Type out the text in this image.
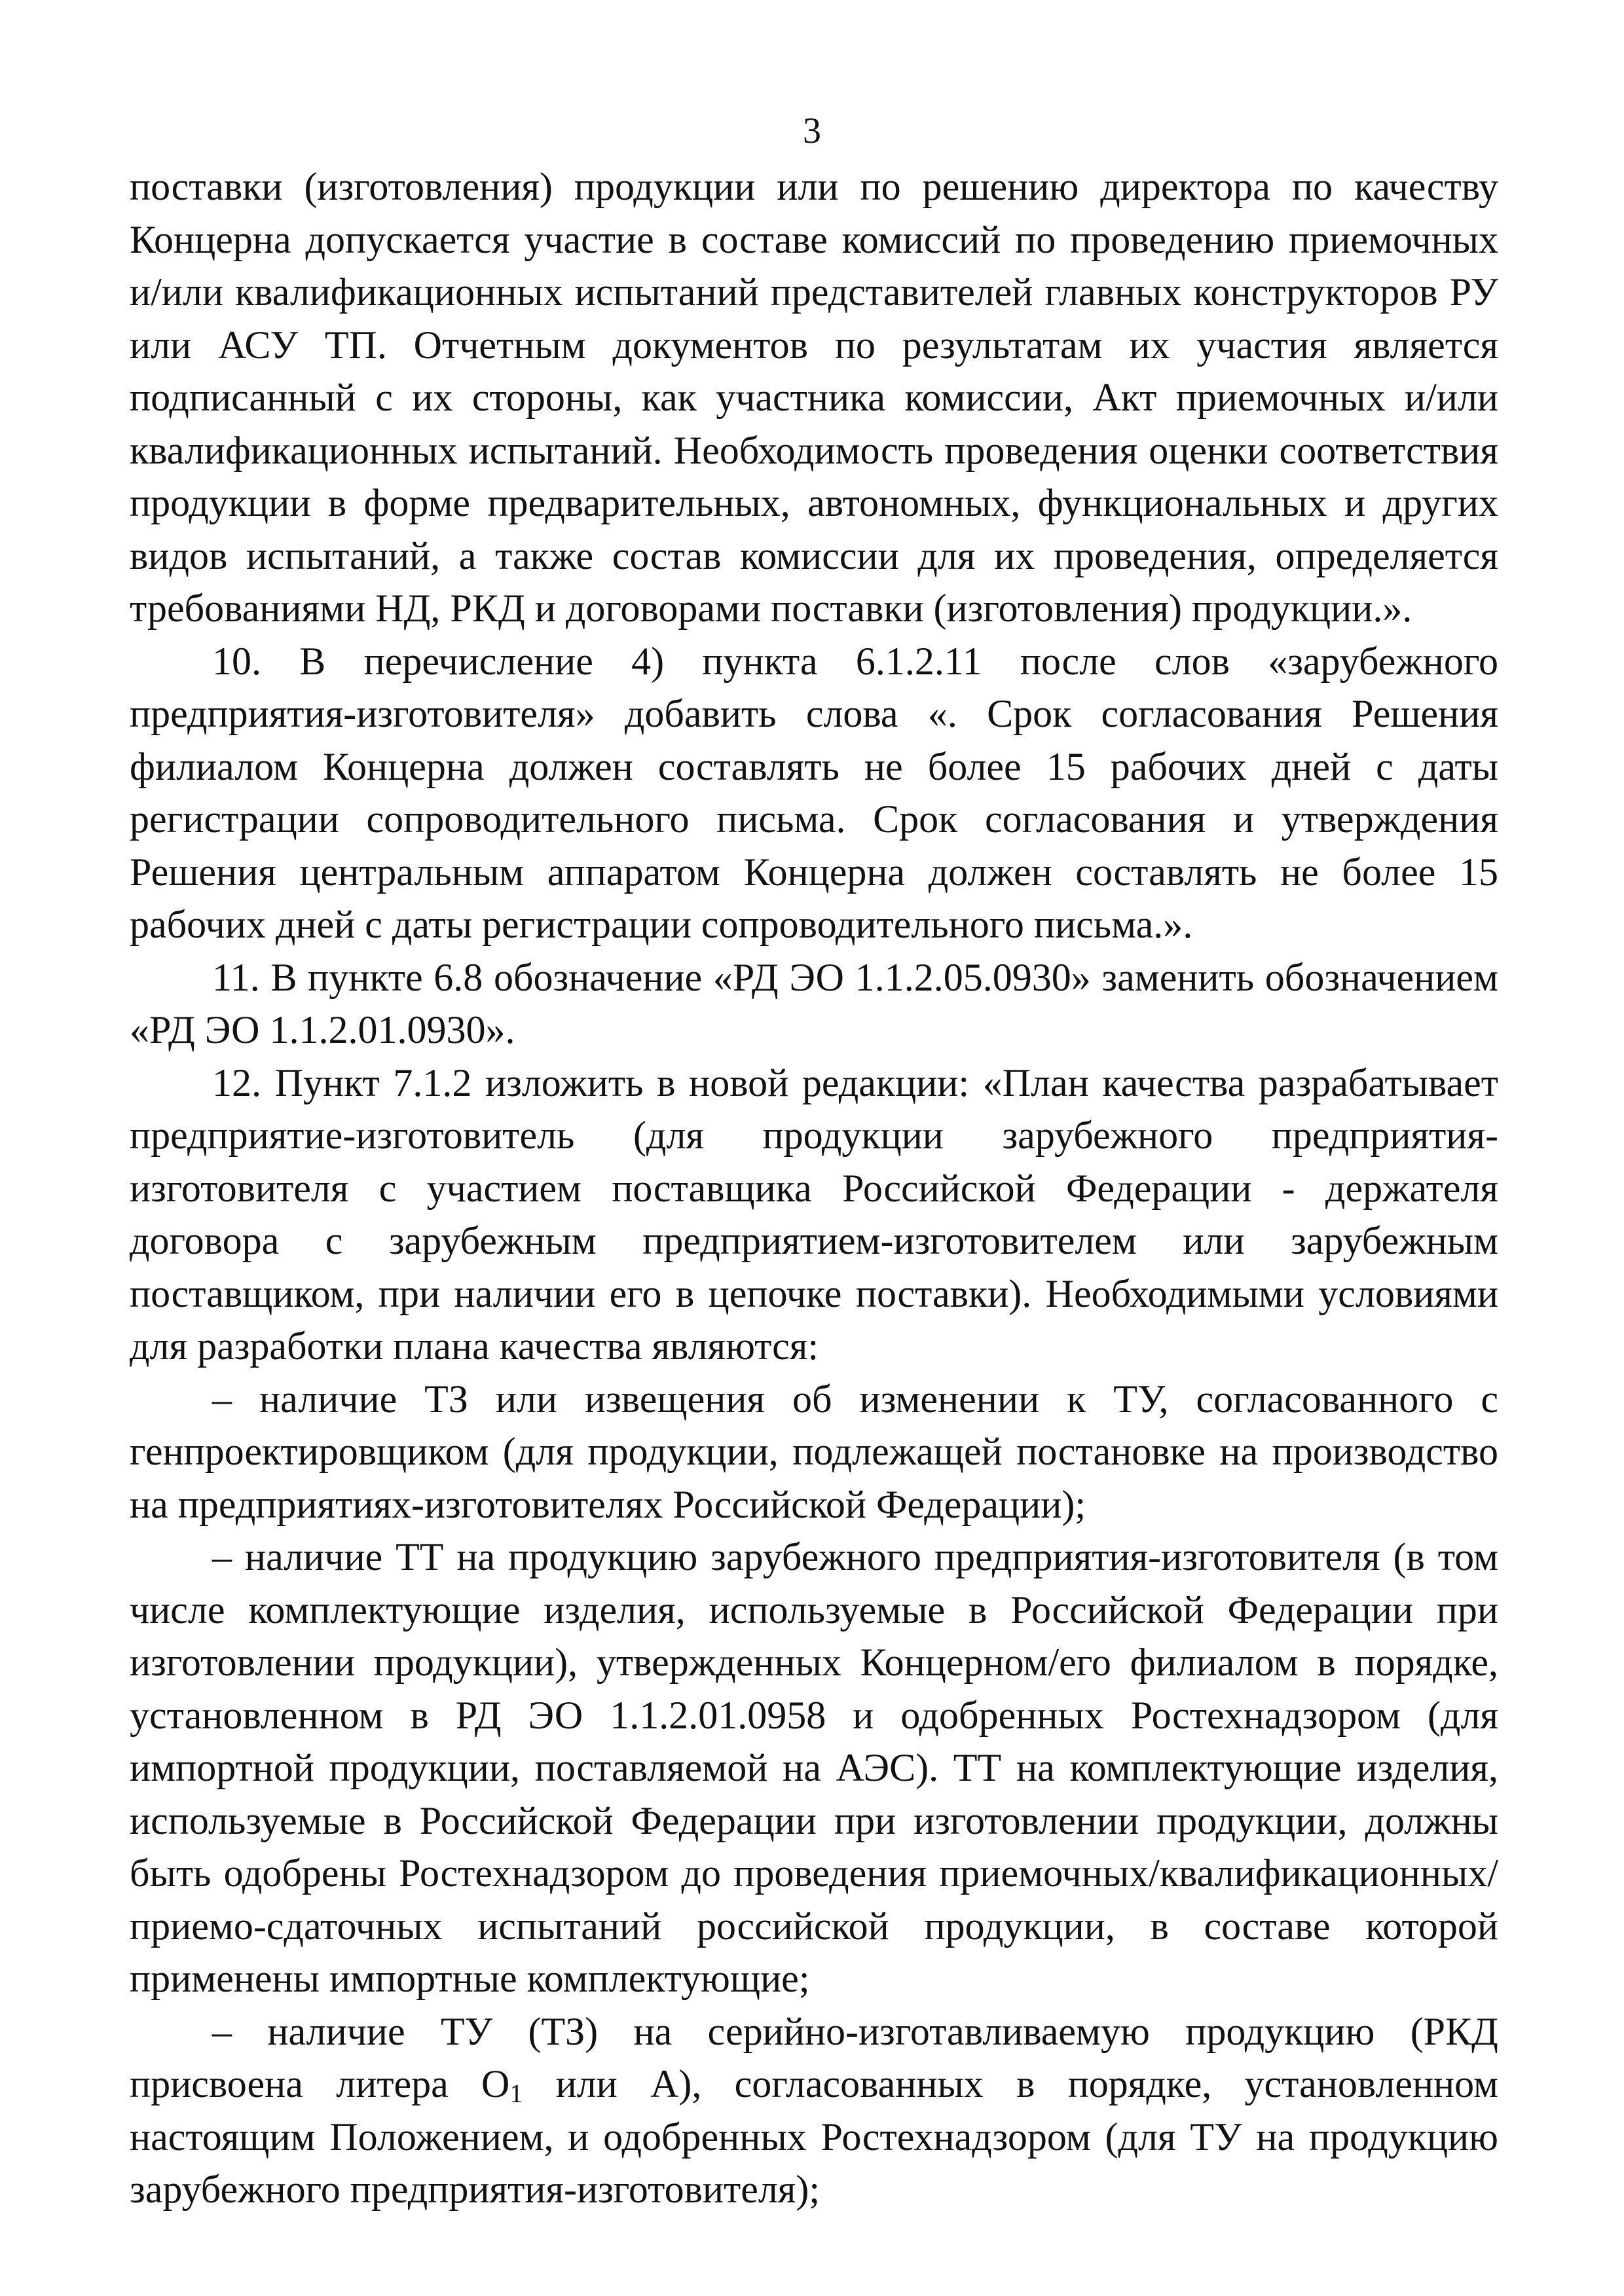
3

поставки (изготовления) продукции или по решению директора по качеству Концерна допускается участие в составе комиссий по проведению приемочных и/или квалификационных испытаний представителей главных конструкторов РУ или АСУ ТП. Отчетным документов по результатам их участия является подписанный с их стороны, как участника комиссии, Акт приемочных и/или квалификационных испытаний. Необходимость проведения оценки соответствия продукции в форме предварительных, автономных, функциональных и других видов испытаний, а также состав комиссии для их проведения, определяется требованиями НД, РКД и договорами поставки (изготовления) продукции.».

10. В перечисление 4) пункта 6.1.2.11 после слов «зарубежного предприятия-изготовителя» добавить слова «. Срок согласования Решения филиалом Концерна должен составлять не более 15 рабочих дней с даты регистрации сопроводительного письма. Срок согласования и утверждения Решения центральным аппаратом Концерна должен составлять не более 15 рабочих дней с даты регистрации сопроводительного письма.».

11. В пункте 6.8 обозначение «РД ЭО 1.1.2.05.0930» заменить обозначением «РД ЭО 1.1.2.01.0930».

12. Пункт 7.1.2 изложить в новой редакции: «План качества разрабатывает предприятие-изготовитель (для продукции зарубежного предприятия-изготовителя с участием поставщика Российской Федерации - держателя договора с зарубежным предприятием-изготовителем или зарубежным поставщиком, при наличии его в цепочке поставки). Необходимыми условиями для разработки плана качества являются:

– наличие ТЗ или извещения об изменении к ТУ, согласованного с генпроектировщиком (для продукции, подлежащей постановке на производство на предприятиях-изготовителях Российской Федерации);

– наличие ТТ на продукцию зарубежного предприятия-изготовителя (в том числе комплектующие изделия, используемые в Российской Федерации при изготовлении продукции), утвержденных Концерном/его филиалом в порядке, установленном в РД ЭО 1.1.2.01.0958 и одобренных Ростехнадзором (для импортной продукции, поставляемой на АЭС). ТТ на комплектующие изделия, используемые в Российской Федерации при изготовлении продукции, должны быть одобрены Ростехнадзором до проведения приемочных/квалификационных/приемо-сдаточных испытаний российской продукции, в составе которой применены импортные комплектующие;

– наличие ТУ (ТЗ) на серийно-изготавливаемую продукцию (РКД присвоена литера $О_1$ или А), согласованных в порядке, установленном настоящим Положением, и одобренных Ростехнадзором (для ТУ на продукцию зарубежного предприятия-изготовителя);
